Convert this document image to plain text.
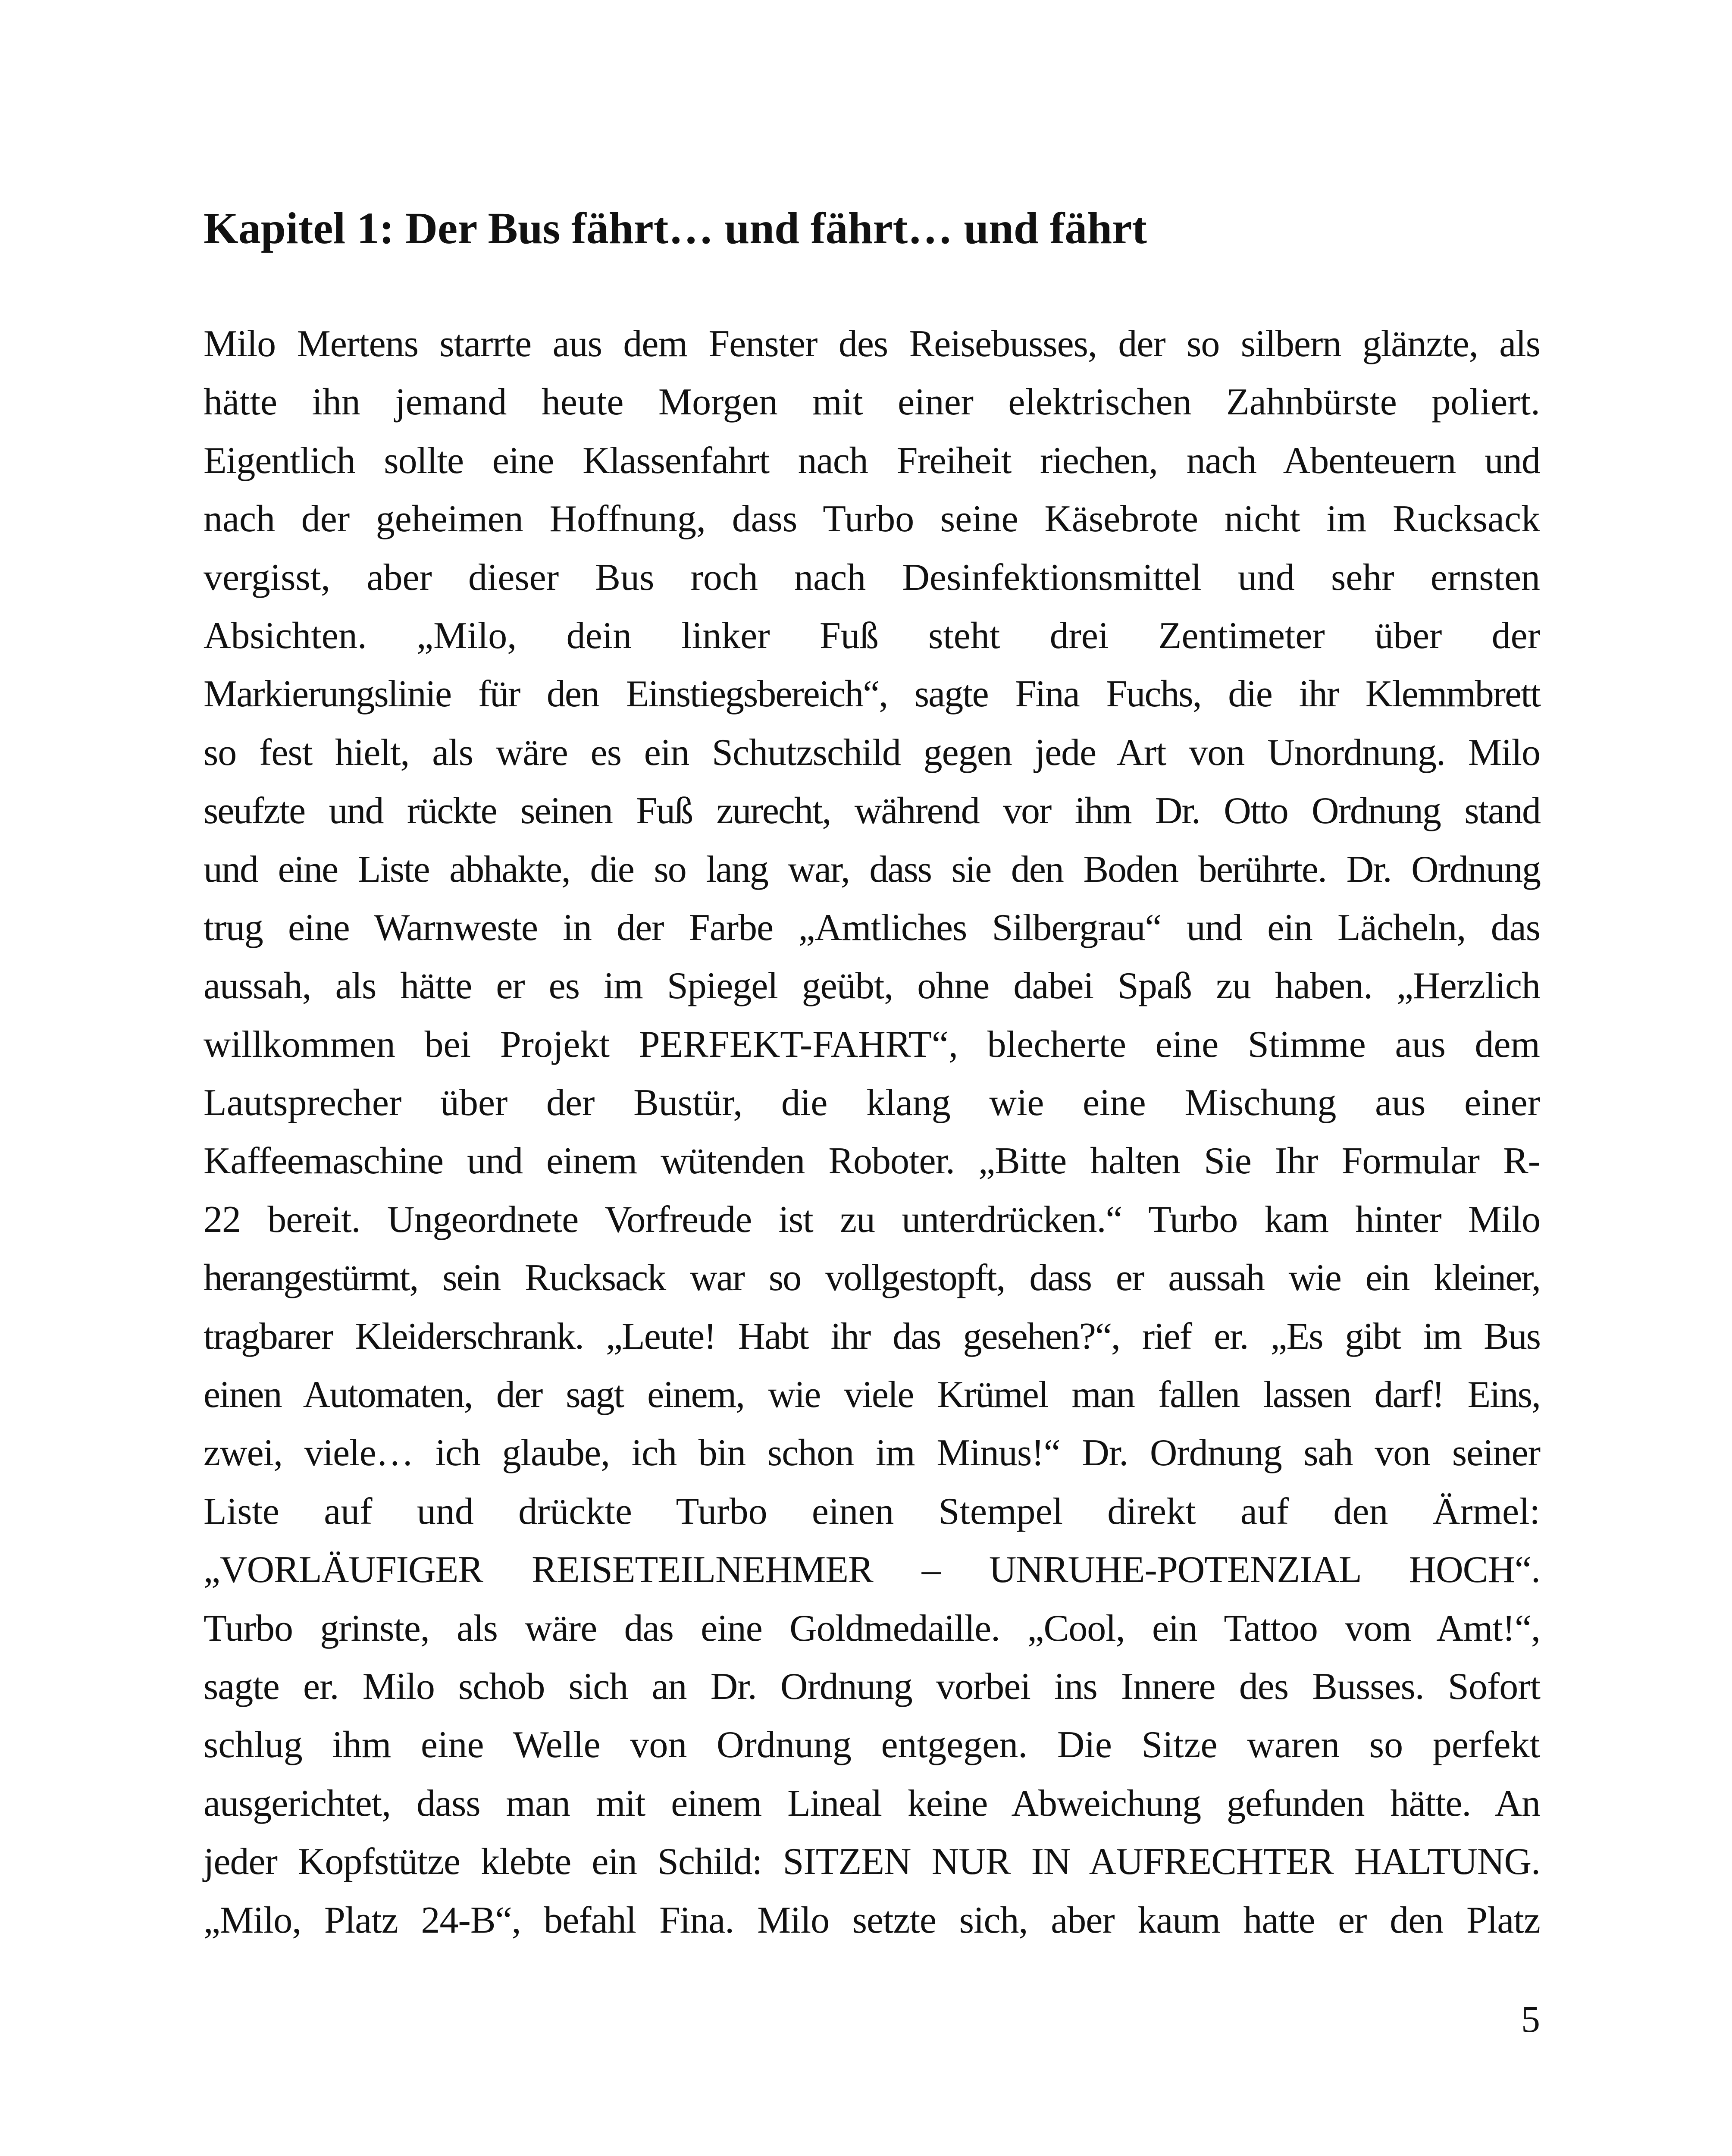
Kapitel 1: Der Bus fährt… und fährt… und fährt
Milo Mertens starrte aus dem Fenster des Reisebusses, der so silbern glänzte, als
hätte ihn jemand heute Morgen mit einer elektrischen Zahnbürste poliert.
Eigentlich sollte eine Klassenfahrt nach Freiheit riechen, nach Abenteuern und
nach der geheimen Hoffnung, dass Turbo seine Käsebrote nicht im Rucksack
vergisst, aber dieser Bus roch nach Desinfektionsmittel und sehr ernsten
Absichten. „Milo, dein linker Fuß steht drei Zentimeter über der
Markierungslinie für den Einstiegsbereich“, sagte Fina Fuchs, die ihr Klemmbrett
so fest hielt, als wäre es ein Schutzschild gegen jede Art von Unordnung. Milo
seufzte und rückte seinen Fuß zurecht, während vor ihm Dr. Otto Ordnung stand
und eine Liste abhakte, die so lang war, dass sie den Boden berührte. Dr. Ordnung
trug eine Warnweste in der Farbe „Amtliches Silbergrau“ und ein Lächeln, das
aussah, als hätte er es im Spiegel geübt, ohne dabei Spaß zu haben. „Herzlich
willkommen bei Projekt PERFEKT-FAHRT“, blecherte eine Stimme aus dem
Lautsprecher über der Bustür, die klang wie eine Mischung aus einer
Kaffeemaschine und einem wütenden Roboter. „Bitte halten Sie Ihr Formular R-
22 bereit. Ungeordnete Vorfreude ist zu unterdrücken.“ Turbo kam hinter Milo
herangestürmt, sein Rucksack war so vollgestopft, dass er aussah wie ein kleiner,
tragbarer Kleiderschrank. „Leute! Habt ihr das gesehen?“, rief er. „Es gibt im Bus
einen Automaten, der sagt einem, wie viele Krümel man fallen lassen darf! Eins,
zwei, viele… ich glaube, ich bin schon im Minus!“ Dr. Ordnung sah von seiner
Liste auf und drückte Turbo einen Stempel direkt auf den Ärmel:
„VORLÄUFIGER REISETEILNEHMER – UNRUHE-POTENZIAL HOCH“.
Turbo grinste, als wäre das eine Goldmedaille. „Cool, ein Tattoo vom Amt!“,
sagte er. Milo schob sich an Dr. Ordnung vorbei ins Innere des Busses. Sofort
schlug ihm eine Welle von Ordnung entgegen. Die Sitze waren so perfekt
ausgerichtet, dass man mit einem Lineal keine Abweichung gefunden hätte. An
jeder Kopfstütze klebte ein Schild: SITZEN NUR IN AUFRECHTER HALTUNG.
„Milo, Platz 24-B“, befahl Fina. Milo setzte sich, aber kaum hatte er den Platz
5
